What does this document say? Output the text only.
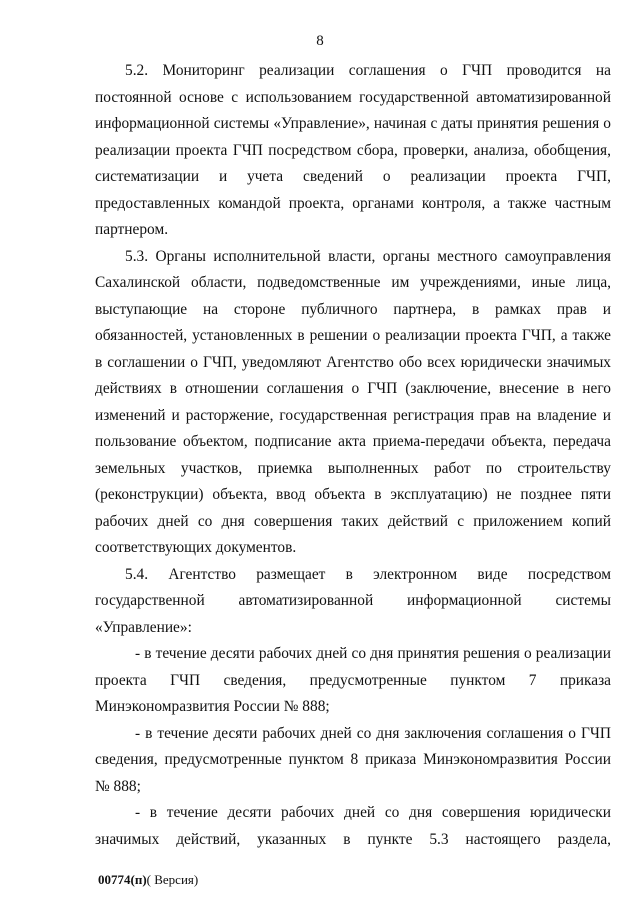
8

5.2. Мониторинг реализации соглашения о ГЧП проводится на постоянной основе с использованием государственной автоматизированной информационной системы «Управление», начиная с даты принятия решения о реализации проекта ГЧП посредством сбора, проверки, анализа, обобщения, систематизации и учета сведений о реализации проекта ГЧП, предоставленных командой проекта, органами контроля, а также частным партнером.

5.3. Органы исполнительной власти, органы местного самоуправления Сахалинской области, подведомственные им учреждениями, иные лица, выступающие на стороне публичного партнера, в рамках прав и обязанностей, установленных в решении о реализации проекта ГЧП, а также в соглашении о ГЧП, уведомляют Агентство обо всех юридически значимых действиях в отношении соглашения о ГЧП (заключение, внесение в него изменений и расторжение, государственная регистрация прав на владение и пользование объектом, подписание акта приема-передачи объекта, передача земельных участков, приемка выполненных работ по строительству (реконструкции) объекта, ввод объекта в эксплуатацию) не позднее пяти рабочих дней со дня совершения таких действий с приложением копий соответствующих документов.

5.4. Агентство размещает в электронном виде посредством государственной автоматизированной информационной системы «Управление»:

- в течение десяти рабочих дней со дня принятия решения о реализации проекта ГЧП сведения, предусмотренные пунктом 7 приказа Минэкономразвития России № 888;

- в течение десяти рабочих дней со дня заключения соглашения о ГЧП сведения, предусмотренные пунктом 8 приказа Минэкономразвития России № 888;

- в течение десяти рабочих дней со дня совершения юридически значимых действий, указанных в пункте 5.3 настоящего раздела,

00774(п)( Версия)
